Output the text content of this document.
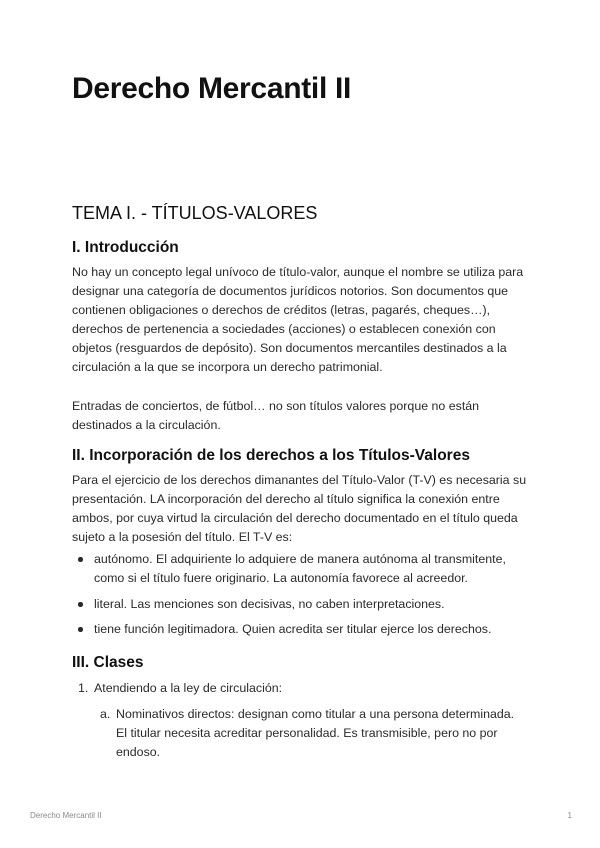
Derecho Mercantil II
TEMA I. - TÍTULOS-VALORES
I. Introducción

No hay un concepto legal unívoco de título-valor, aunque el nombre se utiliza para designar una categoría de documentos jurídicos notorios. Son documentos que contienen obligaciones o derechos de créditos (letras, pagarés, cheques…), derechos de pertenencia a sociedades (acciones) o establecen conexión con objetos (resguardos de depósito). Son documentos mercantiles destinados a la circulación a la que se incorpora un derecho patrimonial.

Entradas de conciertos, de fútbol… no son títulos valores porque no están destinados a la circulación.

II. Incorporación de los derechos a los Títulos-Valores

Para el ejercicio de los derechos dimanantes del Título-Valor (T-V) es necesaria su presentación. LA incorporación del derecho al título significa la conexión entre ambos, por cuya virtud la circulación del derecho documentado en el título queda sujeto a la posesión del título. El T-V es:

autónomo. El adquiriente lo adquiere de manera autónoma al transmitente, como si el título fuere originario. La autonomía favorece al acreedor.
literal. Las menciones son decisivas, no caben interpretaciones.
tiene función legitimadora. Quien acredita ser titular ejerce los derechos.
III. Clases
1. Atendiendo a la ley de circulación:
a. Nominativos directos: designan como titular a una persona determinada. El titular necesita acreditar personalidad. Es transmisible, pero no por endoso.
Derecho Mercantil II	1
